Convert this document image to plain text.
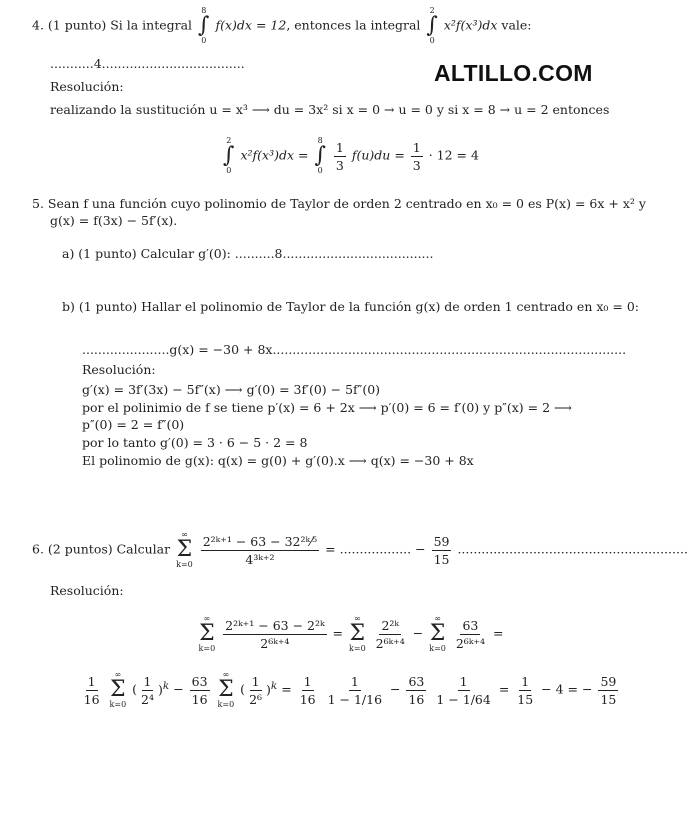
ALTILLO.COM
4. (1 punto) Si la integral
8
∫
0
f(x)dx = 12, entonces la integral
2
∫
0
x²f(x³)dx vale:
...........4....................................
Resolución:
realizando la sustitución u = x³ ⟶ du = 3x² si x = 0 → u = 0 y si x = 8 → u = 2 entonces
2
∫
0
x²f(x³)dx =
8
∫
0
$\frac{1}{3} f(u)du = \frac{1}{3} \cdot 12 = 4$
5. Sean f una función cuyo polinomio de Taylor de orden 2 centrado en x₀ = 0 es P(x) = 6x + x² y
g(x) = f(3x) − 5f′(x).
a) (1 punto) Calcular g′(0): ..........8......................................
b) (1 punto) Hallar el polinomio de Taylor de la función g(x) de orden 1 centrado en x₀ = 0:
......................g(x) = −30 + 8x.........................................................................................
Resolución:
g′(x) = 3f′(3x) − 5f″(x) ⟶ g′(0) = 3f′(0) − 5f″(0)
por el polinimio de f se tiene p′(x) = 6 + 2x ⟶ p′(0) = 6 = f′(0) y p″(x) = 2 ⟶
p″(0) = 2 = f″(0)
por lo tanto g′(0) = 3 · 6 − 5 · 2 = 8
El polinomio de g(x): q(x) = g(0) + g′(0).x ⟶ q(x) = −30 + 8x
6. (2 puntos) Calcular
∞
Σ
k=0
$\frac{\text{2²ᵏ⁺¹ − 63 − 32²ᵏ⁄⁵}}{\text{4³ᵏ⁺²}}$ = .................. − $\frac{59}{15}$ ..........................................................
Resolución:
∞
Σ
k=0
$\frac{\text{2²ᵏ⁺¹ − 63 − 2²ᵏ}}{\text{2⁶ᵏ⁺⁴}}$ =
∞
Σ
k=0
$\frac{\text{2²ᵏ}}{\text{2⁶ᵏ⁺⁴}}$ −
∞
Σ
k=0
$\frac{63}{\text{2⁶ᵏ⁺⁴}}$ =
$\frac{1}{16}$
∞
Σ
k=0
( $\frac{1}{\text{2⁴}} )^k - \frac{63}{16}$
∞
Σ
k=0
( $\frac{1}{\text{2⁶}} )^k = \frac{1}{16}$
$\frac{1}{1 - 1/16} - \frac{63}{16}$
$\frac{1}{1 - 1/64} = \frac{1}{15} - 4$ = − $\frac{59}{15}$
